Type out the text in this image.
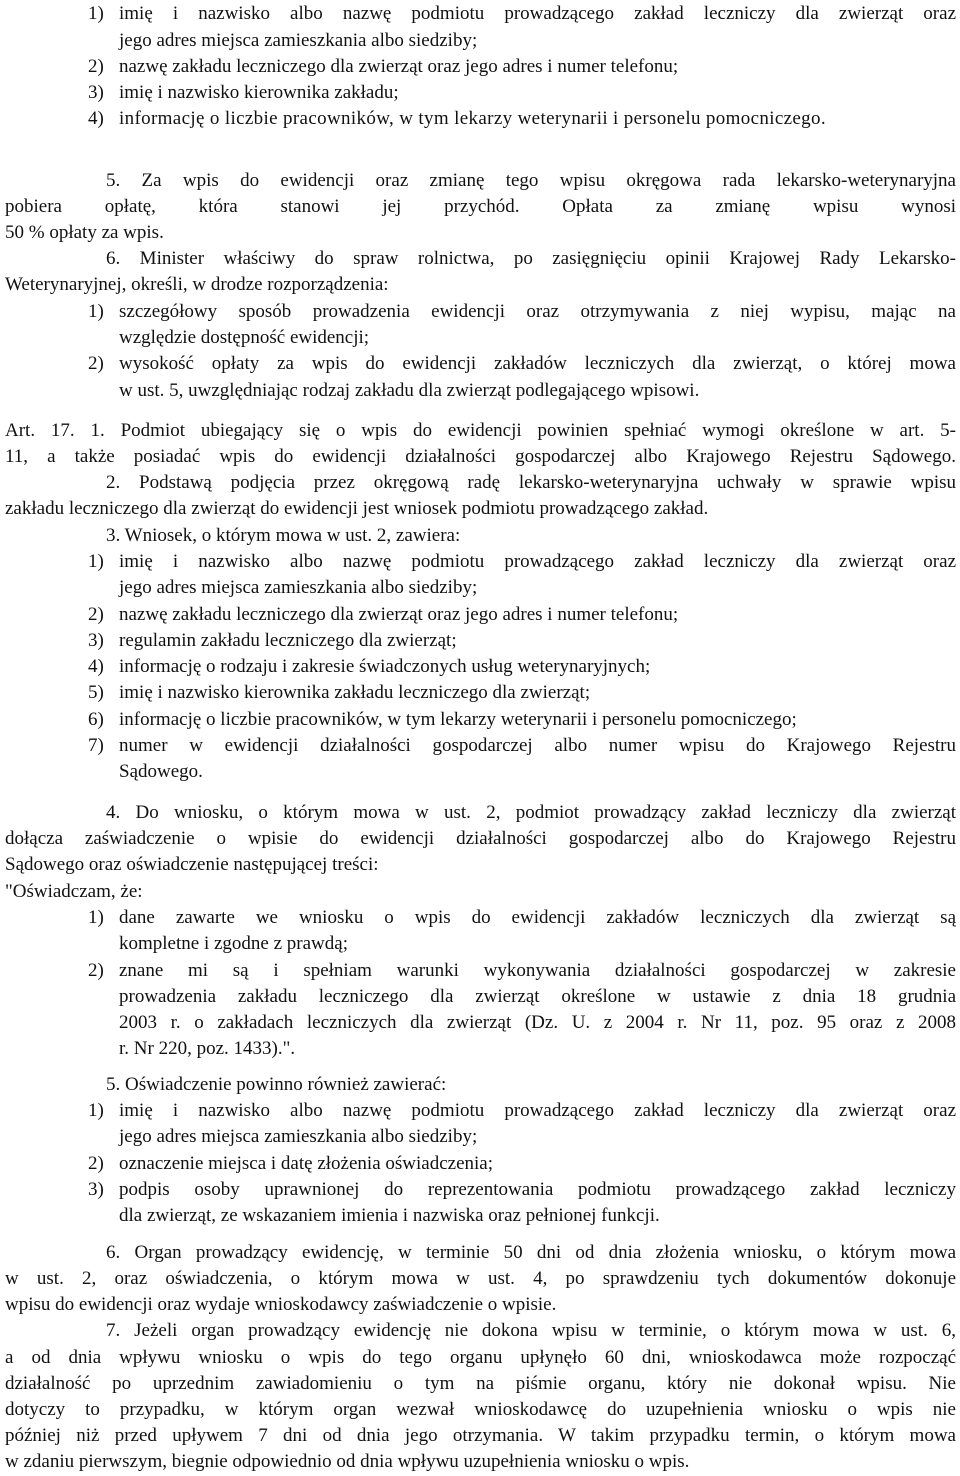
1) imię i nazwisko albo nazwę podmiotu prowadzącego zakład leczniczy dla zwierząt oraz
jego adres miejsca zamieszkania albo siedziby;
2) nazwę zakładu leczniczego dla zwierząt oraz jego adres i numer telefonu;
3) imię i nazwisko kierownika zakładu;
4) informację o liczbie pracowników, w tym lekarzy weterynarii i personelu pomocniczego.
5. Za wpis do ewidencji oraz zmianę tego wpisu okręgowa rada lekarsko-weterynaryjna
pobiera opłatę, która stanowi jej przychód. Opłata za zmianę wpisu wynosi
50 % opłaty za wpis.
6. Minister właściwy do spraw rolnictwa, po zasięgnięciu opinii Krajowej Rady Lekarsko-
Weterynaryjnej, określi, w drodze rozporządzenia:
1) szczegółowy sposób prowadzenia ewidencji oraz otrzymywania z niej wypisu, mając na
względzie dostępność ewidencji;
2) wysokość opłaty za wpis do ewidencji zakładów leczniczych dla zwierząt, o której mowa
w ust. 5, uwzględniając rodzaj zakładu dla zwierząt podlegającego wpisowi.
Art. 17. 1. Podmiot ubiegający się o wpis do ewidencji powinien spełniać wymogi określone w art. 5-
11, a także posiadać wpis do ewidencji działalności gospodarczej albo Krajowego Rejestru Sądowego.
2. Podstawą podjęcia przez okręgową radę lekarsko-weterynaryjna uchwały w sprawie wpisu
zakładu leczniczego dla zwierząt do ewidencji jest wniosek podmiotu prowadzącego zakład.
3. Wniosek, o którym mowa w ust. 2, zawiera:
1) imię i nazwisko albo nazwę podmiotu prowadzącego zakład leczniczy dla zwierząt oraz
jego adres miejsca zamieszkania albo siedziby;
2) nazwę zakładu leczniczego dla zwierząt oraz jego adres i numer telefonu;
3) regulamin zakładu leczniczego dla zwierząt;
4) informację o rodzaju i zakresie świadczonych usług weterynaryjnych;
5) imię i nazwisko kierownika zakładu leczniczego dla zwierząt;
6) informację o liczbie pracowników, w tym lekarzy weterynarii i personelu pomocniczego;
7) numer w ewidencji działalności gospodarczej albo numer wpisu do Krajowego Rejestru
Sądowego.
4. Do wniosku, o którym mowa w ust. 2, podmiot prowadzący zakład leczniczy dla zwierząt
dołącza zaświadczenie o wpisie do ewidencji działalności gospodarczej albo do Krajowego Rejestru
Sądowego oraz oświadczenie następującej treści:
"Oświadczam, że:
1) dane zawarte we wniosku o wpis do ewidencji zakładów leczniczych dla zwierząt są
kompletne i zgodne z prawdą;
2) znane mi są i spełniam warunki wykonywania działalności gospodarczej w zakresie
prowadzenia zakładu leczniczego dla zwierząt określone w ustawie z dnia 18 grudnia
2003 r. o zakładach leczniczych dla zwierząt (Dz. U. z 2004 r. Nr 11, poz. 95 oraz z 2008
r. Nr 220, poz. 1433).".
5. Oświadczenie powinno również zawierać:
1) imię i nazwisko albo nazwę podmiotu prowadzącego zakład leczniczy dla zwierząt oraz
jego adres miejsca zamieszkania albo siedziby;
2) oznaczenie miejsca i datę złożenia oświadczenia;
3) podpis osoby uprawnionej do reprezentowania podmiotu prowadzącego zakład leczniczy
dla zwierząt, ze wskazaniem imienia i nazwiska oraz pełnionej funkcji.
6. Organ prowadzący ewidencję, w terminie 50 dni od dnia złożenia wniosku, o którym mowa
w ust. 2, oraz oświadczenia, o którym mowa w ust. 4, po sprawdzeniu tych dokumentów dokonuje
wpisu do ewidencji oraz wydaje wnioskodawcy zaświadczenie o wpisie.
7. Jeżeli organ prowadzący ewidencję nie dokona wpisu w terminie, o którym mowa w ust. 6,
a od dnia wpływu wniosku o wpis do tego organu upłynęło 60 dni, wnioskodawca może rozpocząć
działalność po uprzednim zawiadomieniu o tym na piśmie organu, który nie dokonał wpisu. Nie
dotyczy to przypadku, w którym organ wezwał wnioskodawcę do uzupełnienia wniosku o wpis nie
później niż przed upływem 7 dni od dnia jego otrzymania. W takim przypadku termin, o którym mowa
w zdaniu pierwszym, biegnie odpowiednio od dnia wpływu uzupełnienia wniosku o wpis.
